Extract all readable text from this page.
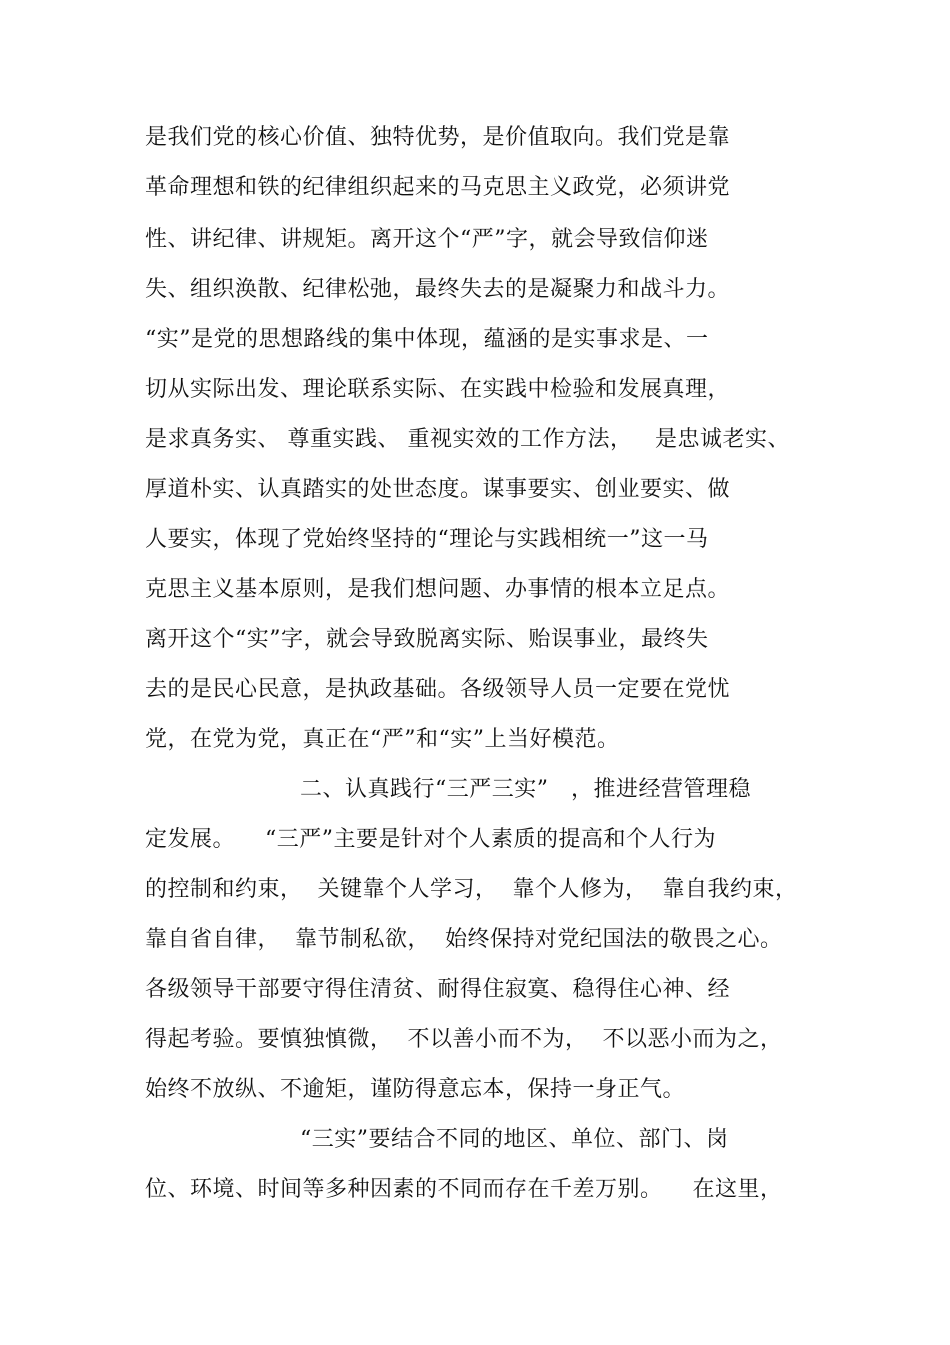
是我们党的核心价值、独特优势，是价值取向。我们党是靠
革命理想和铁的纪律组织起来的马克思主义政党，必须讲党
性、讲纪律、讲规矩。离开这个“严”字，就会导致信仰迷
失、组织涣散、纪律松弛，最终失去的是凝聚力和战斗力。
“实”是党的思想路线的集中体现，蕴涵的是实事求是、一
切从实际出发、理论联系实际、在实践中检验和发展真理，
是求真务实、 尊重实践、 重视实效的工作方法，   是忠诚老实、
厚道朴实、认真踏实的处世态度。谋事要实、创业要实、做
人要实，体现了党始终坚持的“理论与实践相统一”这一马
克思主义基本原则，是我们想问题、办事情的根本立足点。
离开这个“实”字，就会导致脱离实际、贻误事业，最终失
去的是民心民意，是执政基础。各级领导人员一定要在党忧
党，在党为党，真正在“严”和“实”上当好模范。
二、认真践行“三严三实”   ，推进经营管理稳
定发展。    “三严”主要是针对个人素质的提高和个人行为
的控制和约束，  关键靠个人学习，  靠个人修为，  靠自我约束，
靠自省自律，  靠节制私欲，  始终保持对党纪国法的敬畏之心。
各级领导干部要守得住清贫、耐得住寂寞、稳得住心神、经
得起考验。要慎独慎微，  不以善小而不为，  不以恶小而为之，
始终不放纵、不逾矩，谨防得意忘本，保持一身正气。
“三实”要结合不同的地区、单位、部门、岗
位、环境、时间等多种因素的不同而存在千差万别。    在这里，
